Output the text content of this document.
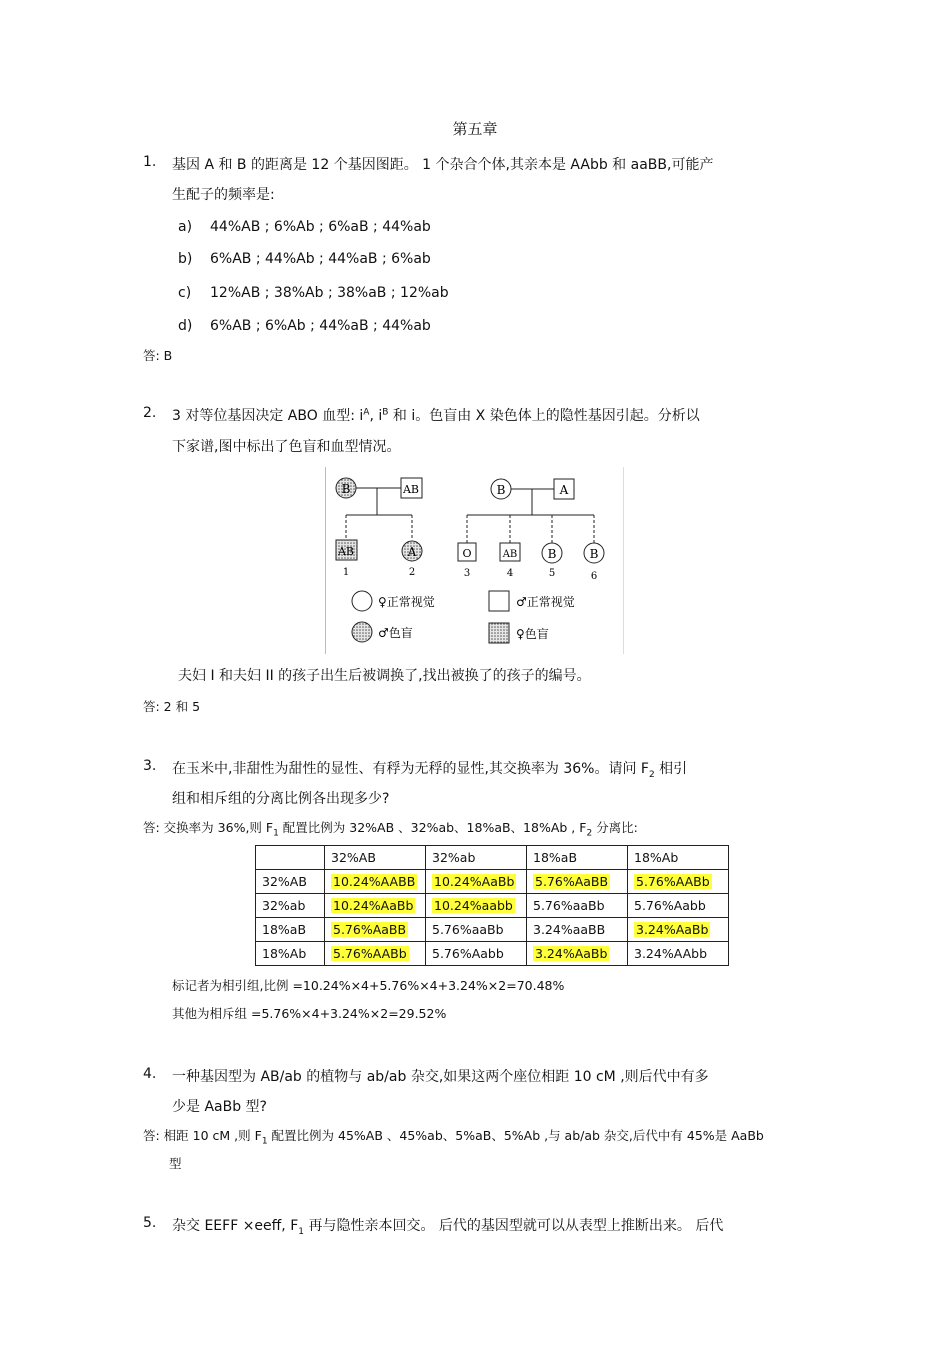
第五章
1. 基因 A 和 B 的距离是 12 个基因图距。 1 个杂合个体,其亲本是 AAbb 和 aaBB,可能产
生配子的频率是:
a) 44%AB ; 6%Ab ; 6%aB ; 44%ab
b) 6%AB ; 44%Ab ; 44%aB ; 6%ab
c) 12%AB ; 38%Ab ; 38%aB ; 12%ab
d) 6%AB ; 6%Ab ; 44%aB ; 44%ab
答: B
2. 3 对等位基因决定 ABO 血型: $i^A$, $i^B$ 和 i。色盲由 X 染色体上的隐性基因引起。分析以
下家谱,图中标出了色盲和血型情况。
B	AB
AB	A
1	2
B	A
O	AB	B	B
3	4	5	6
♀正常视觉	♂正常视觉
♂色盲	♀色盲
夫妇 I 和夫妇 II 的孩子出生后被调换了,找出被换了的孩子的编号。
答: 2 和 5
3. 在玉米中,非甜性为甜性的显性、有稃为无稃的显性,其交换率为 36%。请问 $F_2$ 相引
组和相斥组的分离比例各出现多少?
答: 交换率为 36%,则 $F_1$ 配置比例为 32%AB 、32%ab、18%aB、18%Ab , $F_2$ 分离比:
	32%AB	32%ab	18%aB	18%Ab
32%AB	10.24%AABB	10.24%AaBb	5.76%AaBB	5.76%AABb
32%ab	10.24%AaBb	10.24%aabb	5.76%aaBb	5.76%Aabb
18%aB	5.76%AaBB	5.76%aaBb	3.24%aaBB	3.24%AaBb
18%Ab	5.76%AABb	5.76%Aabb	3.24%AaBb	3.24%AAbb
标记者为相引组,比例 =10.24%×4+5.76%×4+3.24%×2=70.48%
其他为相斥组 =5.76%×4+3.24%×2=29.52%
4. 一种基因型为 AB/ab 的植物与 ab/ab 杂交,如果这两个座位相距 10 cM ,则后代中有多
少是 AaBb 型?
答: 相距 10 cM ,则 $F_1$ 配置比例为 45%AB 、45%ab、5%aB、5%Ab ,与 ab/ab 杂交,后代中有 45%是 AaBb
型
5. 杂交 EEFF ×eeff, $F_1$ 再与隐性亲本回交。 后代的基因型就可以从表型上推断出来。 后代
